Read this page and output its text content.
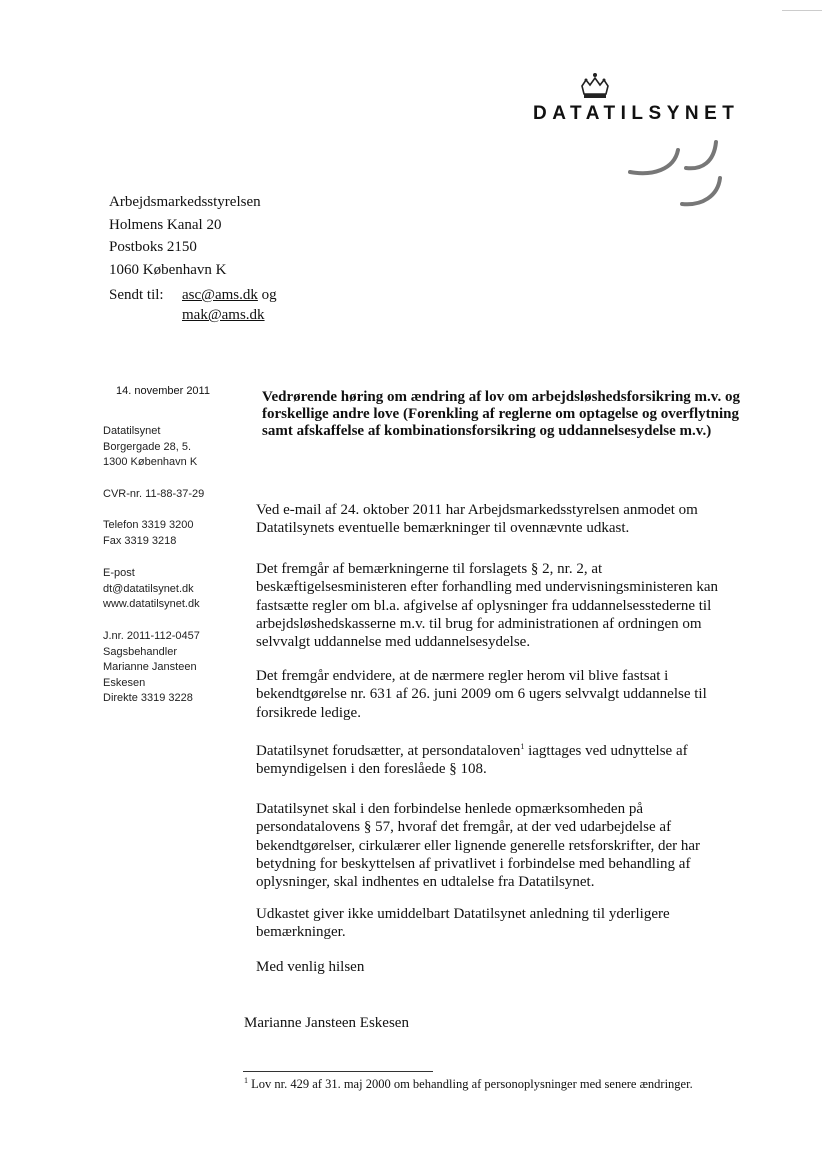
DATATILSYNET
Arbejdsmarkedsstyrelsen
Holmens Kanal 20
Postboks 2150
1060 København K
Sendt til: asc@ams.dk og
mak@ams.dk
14. november 2011
Datatilsynet
Borgergade 28, 5.
1300 København K
CVR-nr. 11-88-37-29
Telefon 3319 3200
Fax 3319 3218
E-post
dt@datatilsynet.dk
www.datatilsynet.dk
J.nr. 2011-112-0457
Sagsbehandler
Marianne Jansteen
Eskesen
Direkte 3319 3228
Vedrørende høring om ændring af lov om arbejdsløshedsforsikring m.v. og forskellige andre love (Forenkling af reglerne om optagelse og overflytning samt afskaffelse af kombinationsforsikring og uddannelsesydelse m.v.)
Ved e-mail af 24. oktober 2011 har Arbejdsmarkedsstyrelsen anmodet om Datatilsynets eventuelle bemærkninger til ovennævnte udkast.
Det fremgår af bemærkningerne til forslagets § 2, nr. 2, at beskæftigelsesministeren efter forhandling med undervisningsministeren kan fastsætte regler om bl.a. afgivelse af oplysninger fra uddannelsesstederne til arbejdsløshedskasserne m.v. til brug for administrationen af ordningen om selvvalgt uddannelse med uddannelsesydelse.
Det fremgår endvidere, at de nærmere regler herom vil blive fastsat i bekendtgørelse nr. 631 af 26. juni 2009 om 6 ugers selvvalgt uddannelse til forsikrede ledige.
Datatilsynet forudsætter, at persondataloven$^1$ iagttages ved udnyttelse af bemyndigelsen i den foreslåede § 108.
Datatilsynet skal i den forbindelse henlede opmærksomheden på persondatalovens § 57, hvoraf det fremgår, at der ved udarbejdelse af bekendtgørelser, cirkulærer eller lignende generelle retsforskrifter, der har betydning for beskyttelsen af privatlivet i forbindelse med behandling af oplysninger, skal indhentes en udtalelse fra Datatilsynet.
Udkastet giver ikke umiddelbart Datatilsynet anledning til yderligere bemærkninger.
Med venlig hilsen
Marianne Jansteen Eskesen
$^1$ Lov nr. 429 af 31. maj 2000 om behandling af personoplysninger med senere ændringer.
